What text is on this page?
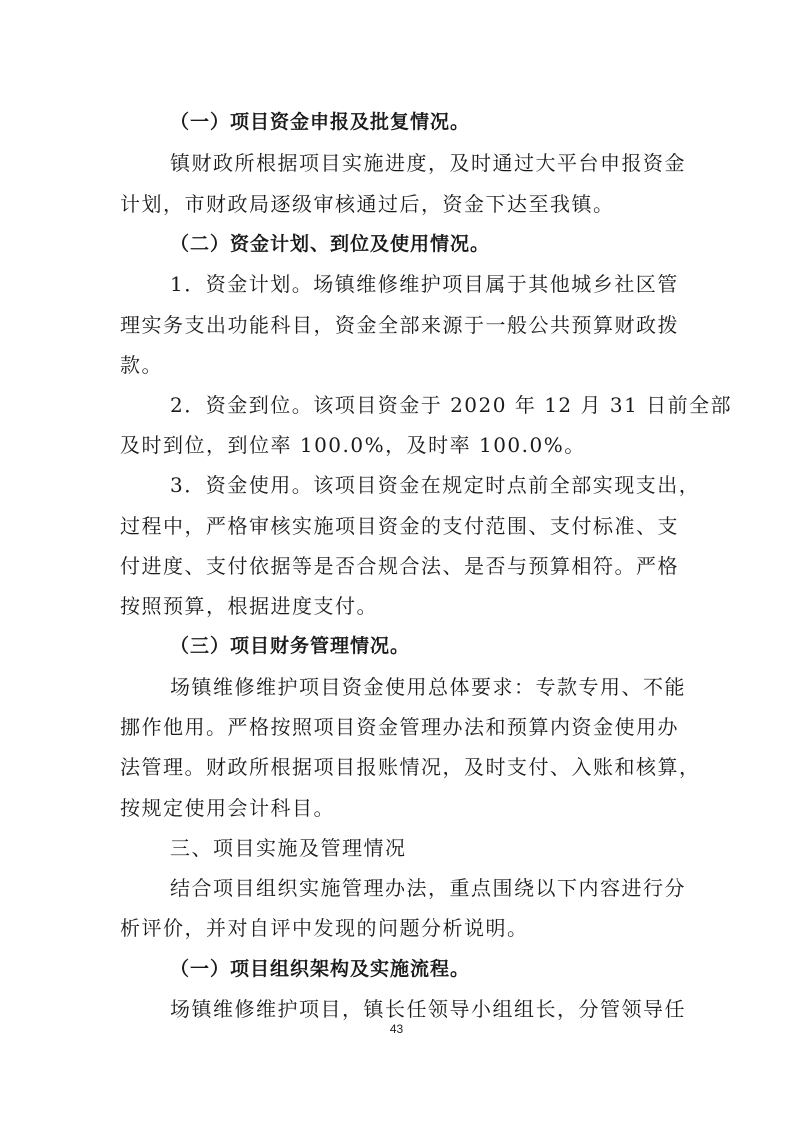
（一）项目资金申报及批复情况。
镇财政所根据项目实施进度，及时通过大平台申报资金
计划，市财政局逐级审核通过后，资金下达至我镇。
（二）资金计划、到位及使用情况。
1．资金计划。场镇维修维护项目属于其他城乡社区管
理实务支出功能科目，资金全部来源于一般公共预算财政拨
款。
2．资金到位。该项目资金于 2020 年 12 月 31 日前全部
及时到位，到位率 100.0%，及时率 100.0%。
3．资金使用。该项目资金在规定时点前全部实现支出，
过程中，严格审核实施项目资金的支付范围、支付标准、支
付进度、支付依据等是否合规合法、是否与预算相符。严格
按照预算，根据进度支付。
（三）项目财务管理情况。
场镇维修维护项目资金使用总体要求：专款专用、不能
挪作他用。严格按照项目资金管理办法和预算内资金使用办
法管理。财政所根据项目报账情况，及时支付、入账和核算，
按规定使用会计科目。
三、项目实施及管理情况
结合项目组织实施管理办法，重点围绕以下内容进行分
析评价，并对自评中发现的问题分析说明。
（一）项目组织架构及实施流程。
场镇维修维护项目，镇长任领导小组组长，分管领导任
43
